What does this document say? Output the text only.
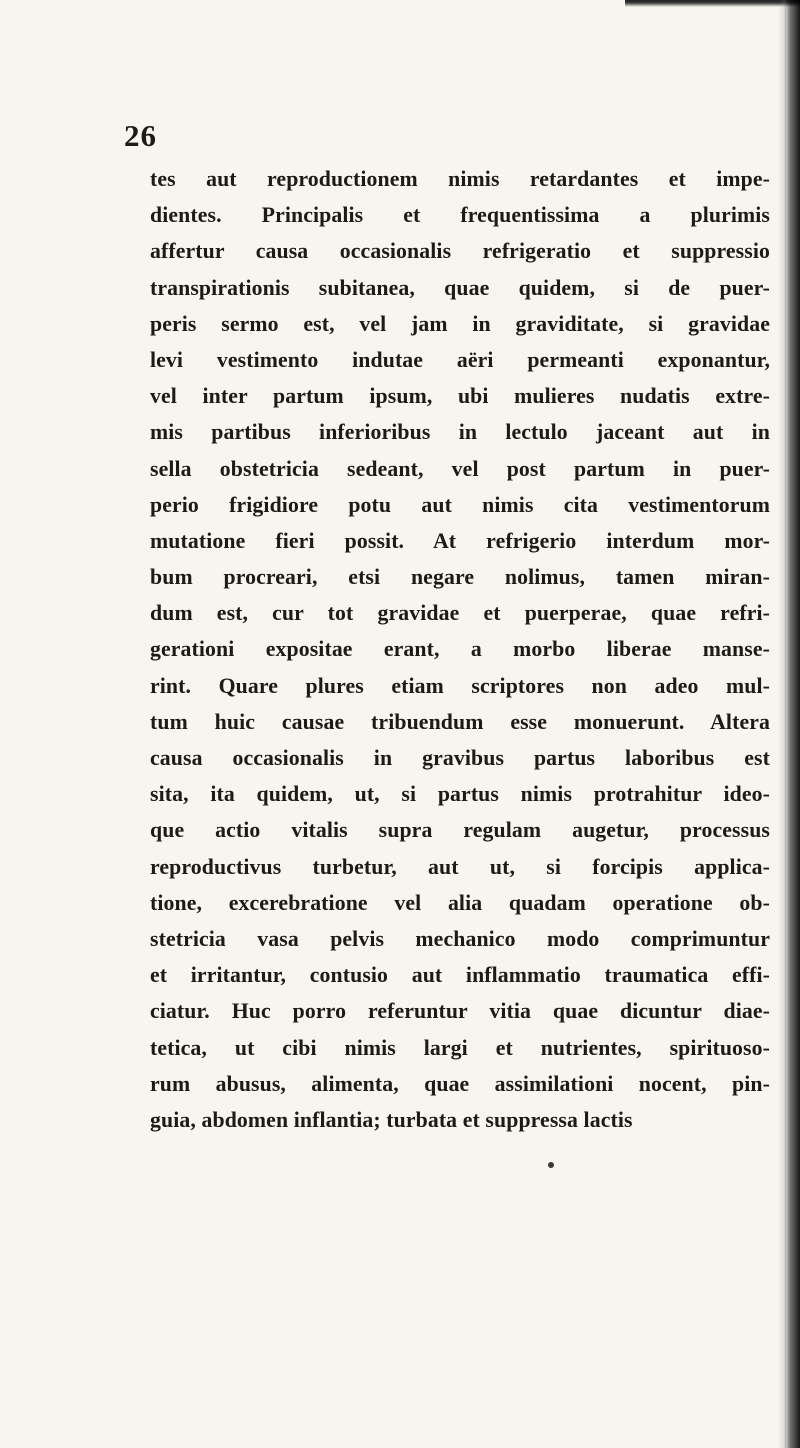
26
tes aut reproductionem nimis retardantes et impe-
dientes. Principalis et frequentissima a plurimis
affertur causa occasionalis refrigeratio et suppressio
transpirationis subitanea, quae quidem, si de puer-
peris sermo est, vel jam in graviditate, si gravidae
levi vestimento indutae aëri permeanti exponantur,
vel inter partum ipsum, ubi mulieres nudatis extre-
mis partibus inferioribus in lectulo jaceant aut in
sella obstetricia sedeant, vel post partum in puer-
perio frigidiore potu aut nimis cita vestimentorum
mutatione fieri possit. At refrigerio interdum mor-
bum procreari, etsi negare nolimus, tamen miran-
dum est, cur tot gravidae et puerperae, quae refri-
gerationi expositae erant, a morbo liberae manse-
rint. Quare plures etiam scriptores non adeo mul-
tum huic causae tribuendum esse monuerunt. Altera
causa occasionalis in gravibus partus laboribus est
sita, ita quidem, ut, si partus nimis protrahitur ideo-
que actio vitalis supra regulam augetur, processus
reproductivus turbetur, aut ut, si forcipis applica-
tione, excerebratione vel alia quadam operatione ob-
stetricia vasa pelvis mechanico modo comprimuntur
et irritantur, contusio aut inflammatio traumatica effi-
ciatur. Huc porro referuntur vitia quae dicuntur diae-
tetica, ut cibi nimis largi et nutrientes, spirituoso-
rum abusus, alimenta, quae assimilationi nocent, pin-
guia, abdomen inflantia; turbata et suppressa lactis
